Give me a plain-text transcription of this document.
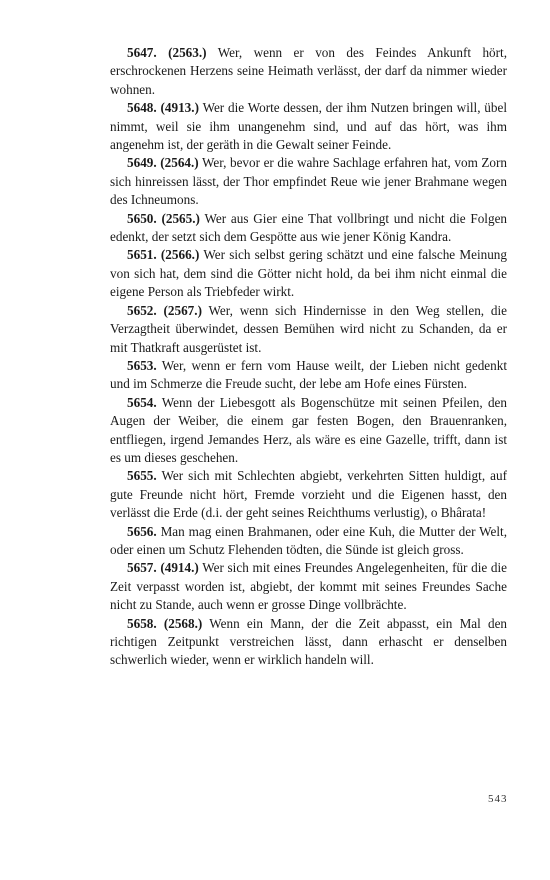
5647. (2563.) Wer, wenn er von des Feindes Ankunft hört, erschrockenen Herzens seine Heimath verlässt, der darf da nimmer wieder wohnen.

5648. (4913.) Wer die Worte dessen, der ihm Nutzen bringen will, übel nimmt, weil sie ihm unangenehm sind, und auf das hört, was ihm angenehm ist, der geräth in die Gewalt seiner Feinde.

5649. (2564.) Wer, bevor er die wahre Sachlage erfahren hat, vom Zorn sich hinreissen lässt, der Thor empfindet Reue wie jener Brahmane wegen des Ichneumons.

5650. (2565.) Wer aus Gier eine That vollbringt und nicht die Folgen edenkt, der setzt sich dem Gespötte aus wie jener König Kandra.

5651. (2566.) Wer sich selbst gering schätzt und eine falsche Meinung von sich hat, dem sind die Götter nicht hold, da bei ihm nicht einmal die eigene Person als Triebfeder wirkt.

5652. (2567.) Wer, wenn sich Hindernisse in den Weg stellen, die Verzagtheit überwindet, dessen Bemühen wird nicht zu Schanden, da er mit Thatkraft ausgerüstet ist.

5653. Wer, wenn er fern vom Hause weilt, der Lieben nicht gedenkt und im Schmerze die Freude sucht, der lebe am Hofe eines Fürsten.

5654. Wenn der Liebesgott als Bogenschütze mit seinen Pfeilen, den Augen der Weiber, die einem gar festen Bogen, den Brauenranken, entfliegen, irgend Jemandes Herz, als wäre es eine Gazelle, trifft, dann ist es um dieses geschehen.

5655. Wer sich mit Schlechten abgiebt, verkehrten Sitten huldigt, auf gute Freunde nicht hört, Fremde vorzieht und die Eigenen hasst, den verlässt die Erde (d.i. der geht seines Reichthums verlustig), o Bhârata!

5656. Man mag einen Brahmanen, oder eine Kuh, die Mutter der Welt, oder einen um Schutz Flehenden tödten, die Sünde ist gleich gross.

5657. (4914.) Wer sich mit eines Freundes Angelegenheiten, für die die Zeit verpasst worden ist, abgiebt, der kommt mit seines Freundes Sache nicht zu Stande, auch wenn er grosse Dinge vollbrächte.

5658. (2568.) Wenn ein Mann, der die Zeit abpasst, ein Mal den richtigen Zeitpunkt verstreichen lässt, dann erhascht er denselben schwerlich wieder, wenn er wirklich handeln will.

543
